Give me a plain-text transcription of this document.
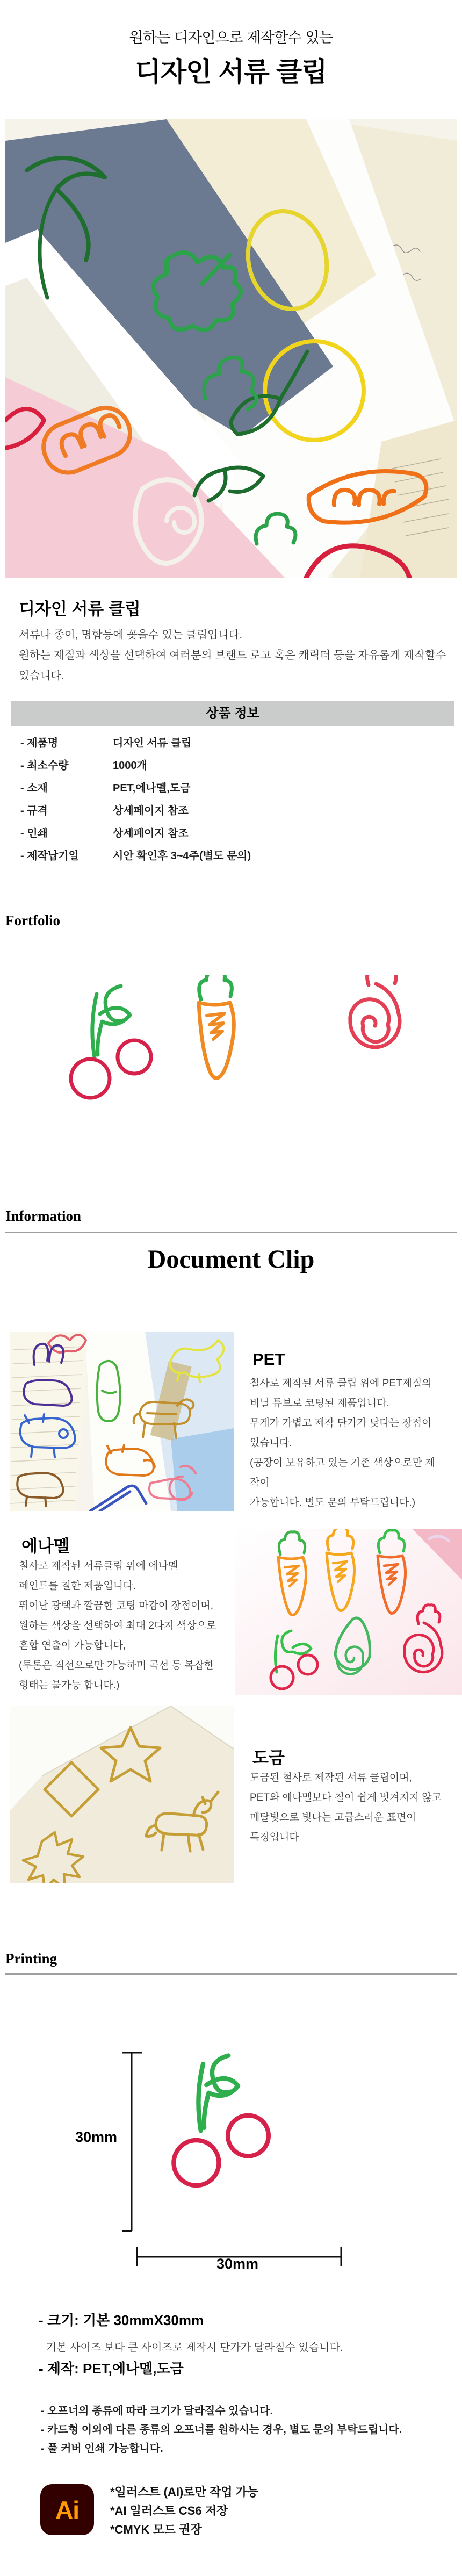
원하는 디자인으로 제작할수 있는
디자인 서류 클립
디자인 서류 클립
서류나 종이, 명함등에 꽂을수 있는 클립입니다.
원하는 제질과 색상을 선택하여 여러분의 브랜드 로고 혹은 캐릭터 등을 자유롭게 제작할수
있습니다.
상품 정보
- 제품명	디자인 서류 클립
- 최소수량	1000개
- 소재	PET,에나멜,도금
- 규격	상세페이지 참조
- 인쇄	상세페이지 참조
- 제작납기일	시안 확인후 3~4주(별도 문의)
Fortfolio
Information
Document Clip
PET
철사로 제작된 서류 클립 위에 PET제질의
비닐 튜브로 코팅된 제품입니다.
무게가 가볍고 제작 단가가 낮다는 장점이
있습니다.
(공장이 보유하고 있는 기존 색상으로만 제작이
가능합니다. 별도 문의 부탁드립니다.)
에나멜
철사로 제작된 서류클립 위에 에나멜
페인트를 칠한 제품입니다.
뛰어난 광택과 깔끔한 코팅 마감이 장점이며,
원하는 색상을 선택하여 최대 2다지 색상으로
혼합 연출이 가능합니다,
(투톤은 직선으로만 가능하며 곡선 등 복잡한
형태는 불가능 합니다.)
도금
도금된 철사로 제작된 서류 클립이며,
PET와 에나멜보다 칠이 쉽게 벗겨지지 않고
메탈빛으로 빛나는 고급스러운 표면이
특징입니다
Printing
30mm
30mm
- 크기: 기본 30mmX30mm
기본 사이즈 보다 큰 사이즈로 제작시 단가가 달라질수 있습니다.
- 제작: PET,에나멜,도금
- 오프너의 종류에 따라 크기가 달라질수 있습니다.
- 카드형 이외에 다른 종류의 오프너를 원하시는 경우, 별도 문의 부탁드립니다.
- 풀 커버 인쇄 가능합니다.
Ai
*일러스트 (AI)로만 작업 가능
*AI 일러스트 CS6 저장
*CMYK 모드 권장
